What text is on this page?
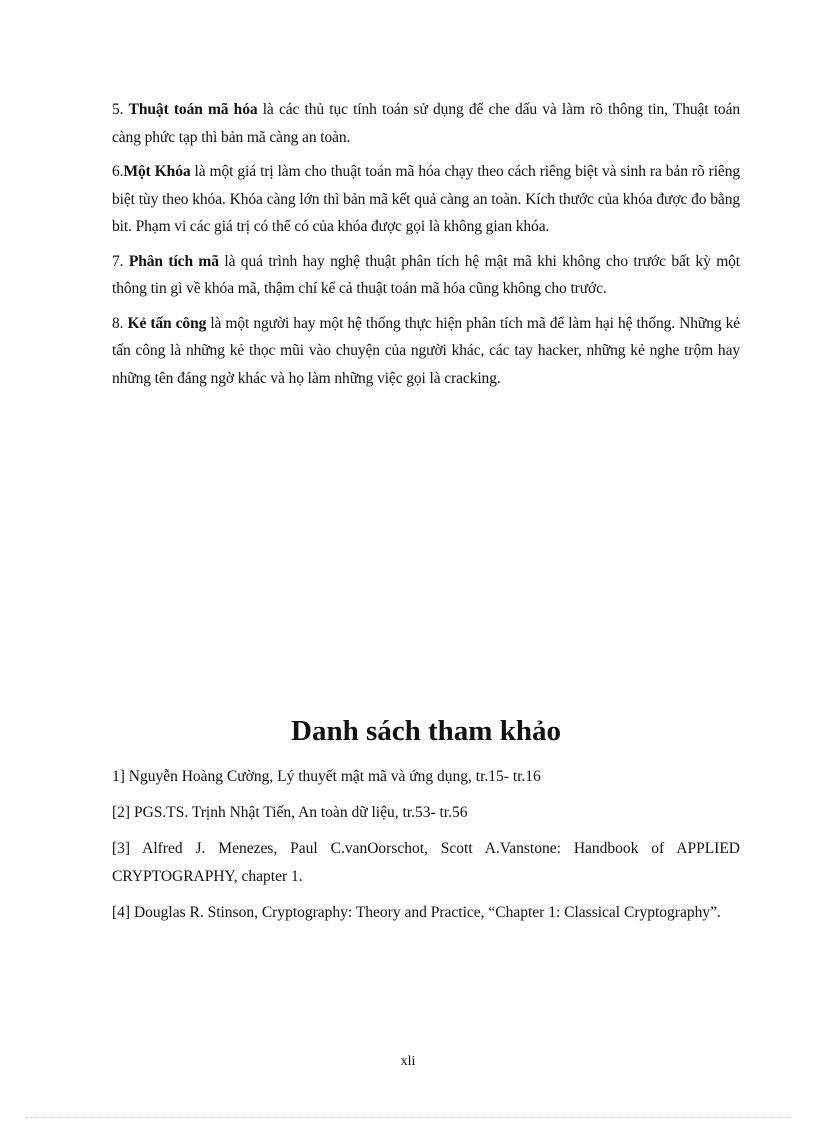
5. Thuật toán mã hóa là các thủ tục tính toán sử dụng để che dấu và làm rõ thông tin, Thuật toán càng phức tạp thì bản mã càng an toàn.

6.Một Khóa là một giá trị làm cho thuật toán mã hóa chạy theo cách riêng biệt và sinh ra bản rõ riêng biệt tùy theo khóa. Khóa càng lớn thì bản mã kết quả càng an toàn. Kích thước của khóa được đo bằng bit. Phạm vi các giá trị có thể có của khóa được gọi là không gian khóa.

7. Phân tích mã là quá trình hay nghệ thuật phân tích hệ mật mã khi không cho trước bất kỳ một thông tin gì về khóa mã, thậm chí kể cả thuật toán mã hóa cũng không cho trước.

8. Kẻ tấn công là một người hay một hệ thống thực hiện phân tích mã để làm hại hệ thống. Những kẻ tấn công là những kẻ thọc mũi vào chuyện của người khác, các tay hacker, những kẻ nghe trộm hay những tên đáng ngờ khác và họ làm những việc gọi là cracking.

Danh sách tham khảo

1] Nguyễn Hoàng Cường, Lý thuyết mật mã và ứng dụng, tr.15- tr.16

[2] PGS.TS. Trịnh Nhật Tiến, An toàn dữ liệu, tr.53- tr.56

[3] Alfred J. Menezes, Paul C.vanOorschot, Scott A.Vanstone: Handbook of APPLIED CRYPTOGRAPHY, chapter 1.

[4] Douglas R. Stinson, Cryptography: Theory and Practice, “Chapter 1: Classical Cryptography”.

xli
